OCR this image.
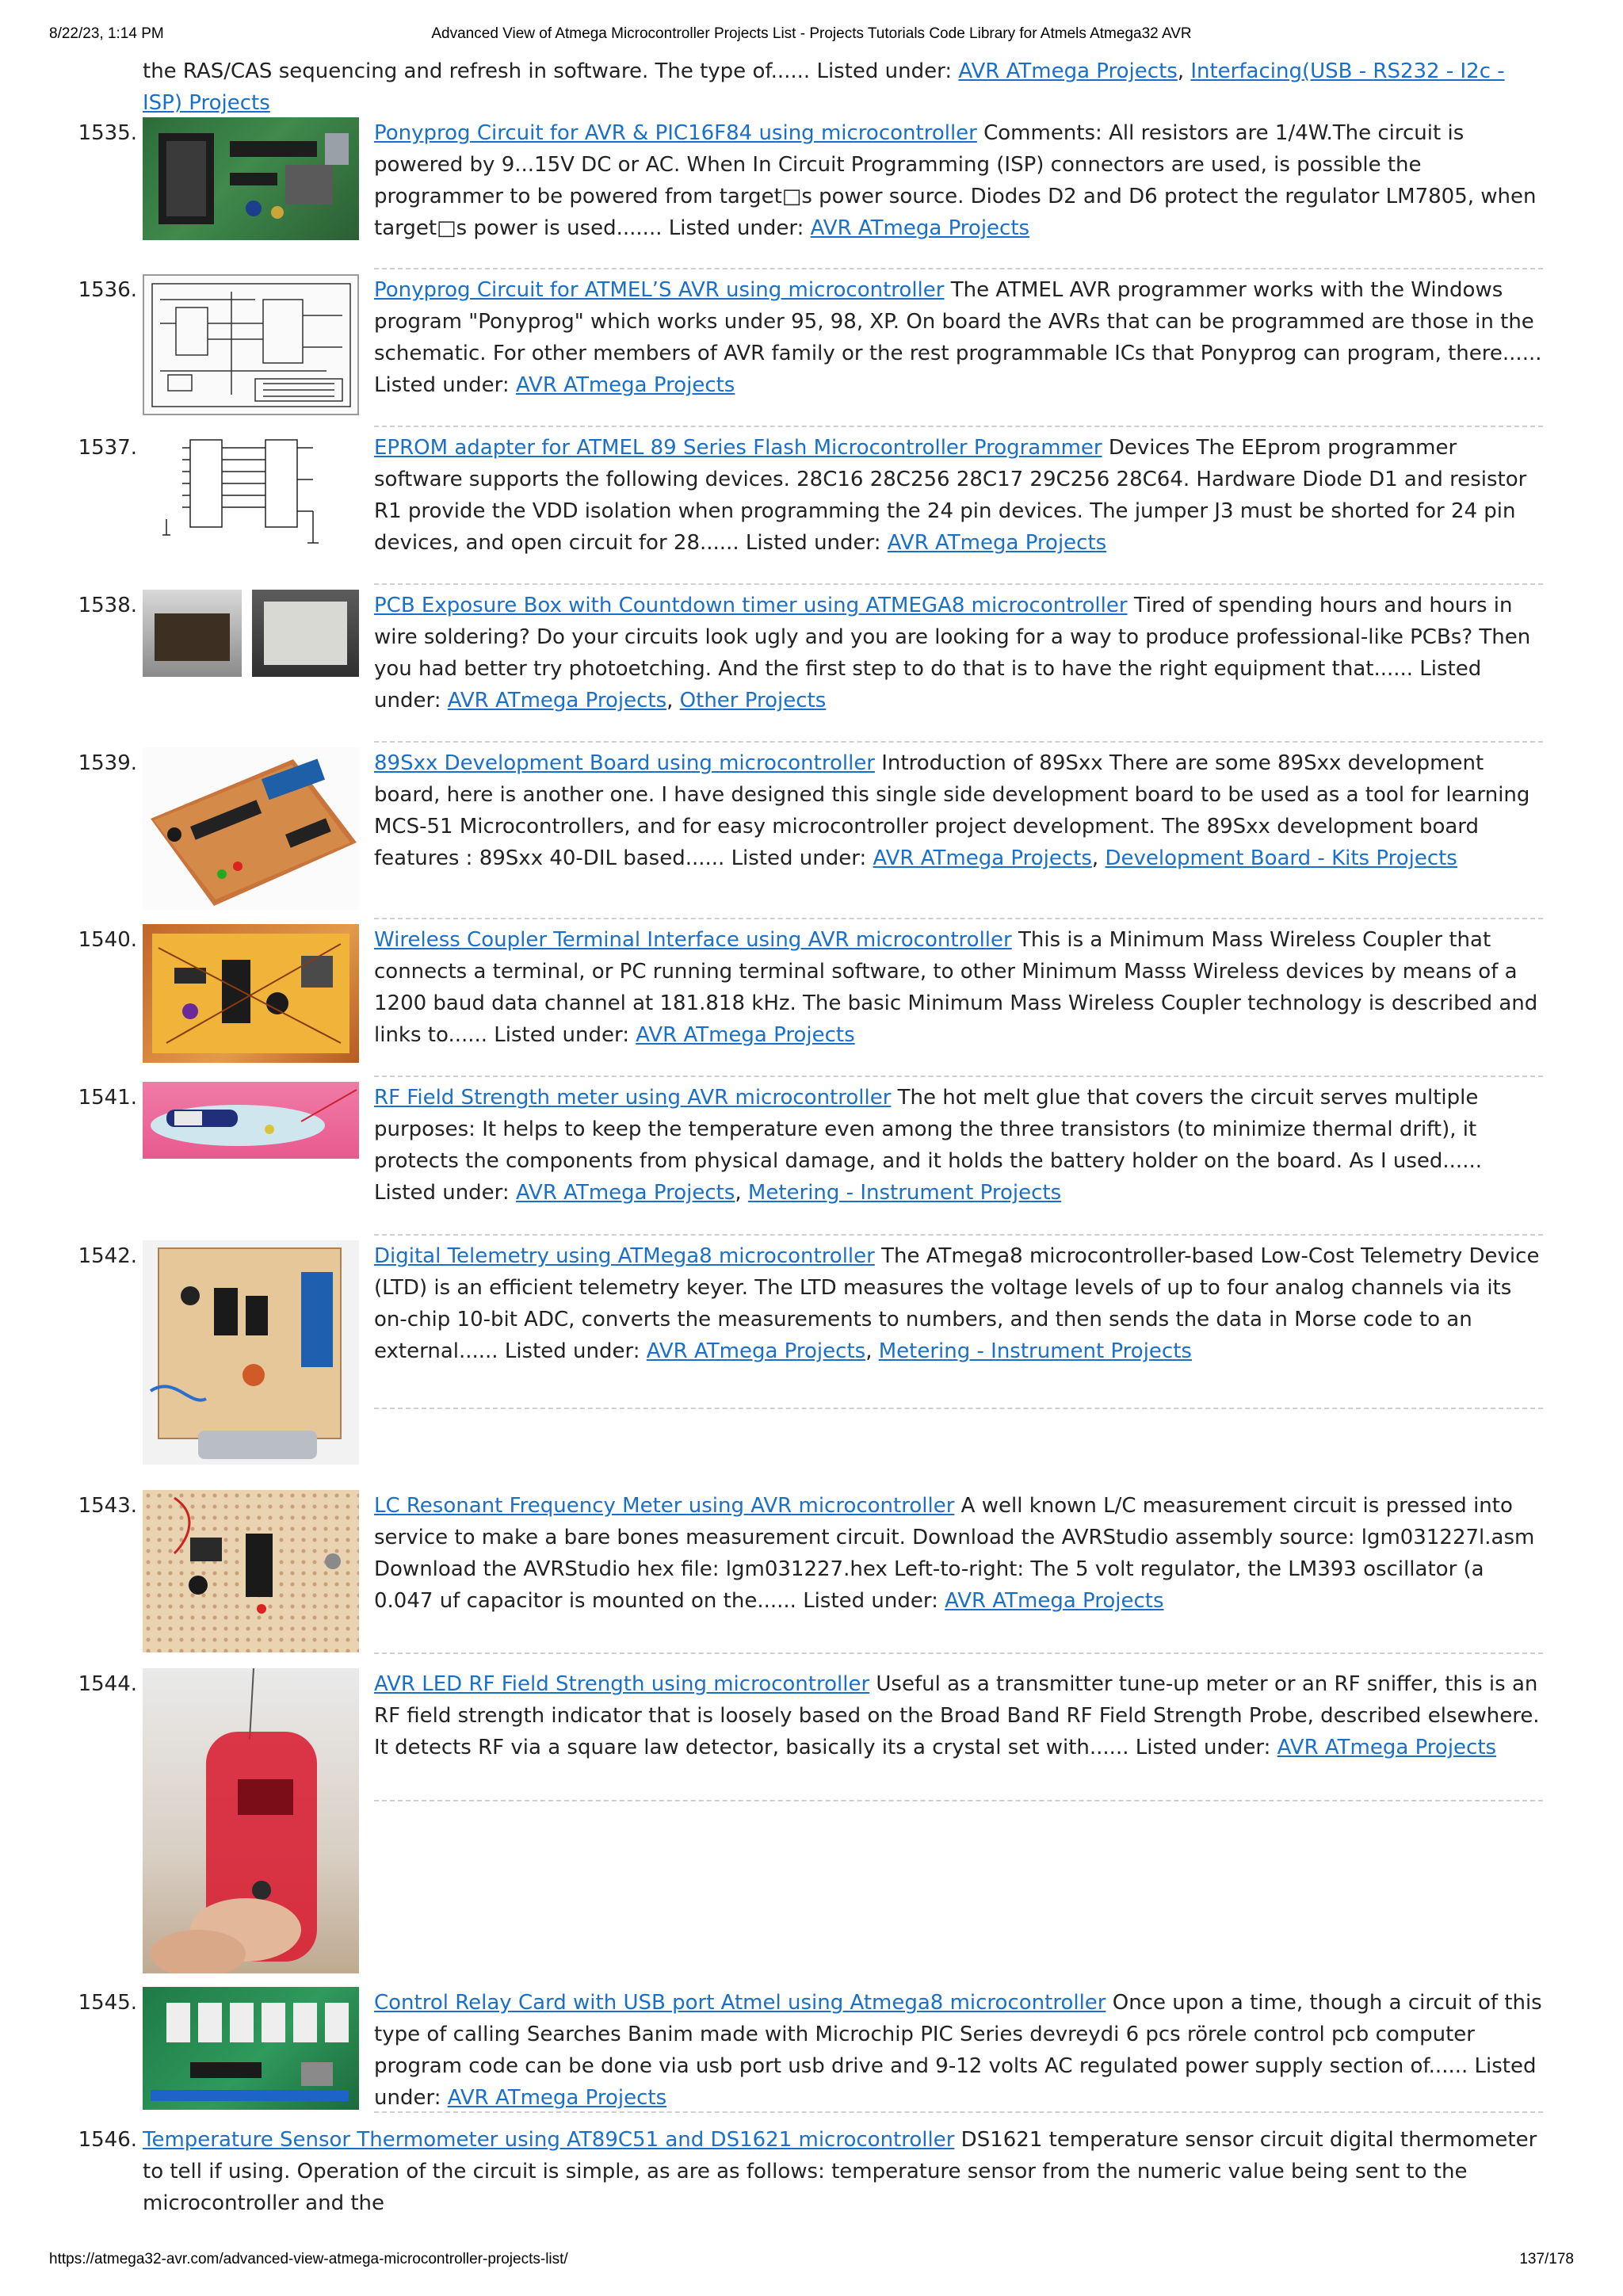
8/22/23, 1:14 PM	Advanced View of Atmega Microcontroller Projects List - Projects Tutorials Code Library for Atmels Atmega32 AVR
the RAS/CAS sequencing and refresh in software. The type of...... Listed under: AVR ATmega Projects, Interfacing(USB - RS232 - I2c -ISP) Projects
1535.	Ponyprog Circuit for AVR & PIC16F84 using microcontroller Comments: All resistors are 1/4W.The circuit is powered by 9...15V DC or AC. When In Circuit Programming (ISP) connectors are used, is possible the programmer to be powered from target□s power source. Diodes D2 and D6 protect the regulator LM7805, when target□s power is used....... Listed under: AVR ATmega Projects
1536.	Ponyprog Circuit for ATMEL’S AVR using microcontroller The ATMEL AVR programmer works with the Windows program "Ponyprog" which works under 95, 98, XP. On board the AVRs that can be programmed are those in the schematic. For other members of AVR family or the rest programmable ICs that Ponyprog can program, there...... Listed under: AVR ATmega Projects
1537.	EPROM adapter for ATMEL 89 Series Flash Microcontroller Programmer Devices The EEprom programmer software supports the following devices. 28C16 28C256 28C17 29C256 28C64. Hardware Diode D1 and resistor R1 provide the VDD isolation when programming the 24 pin devices. The jumper J3 must be shorted for 24 pin devices, and open circuit for 28...... Listed under: AVR ATmega Projects
1538.	PCB Exposure Box with Countdown timer using ATMEGA8 microcontroller Tired of spending hours and hours in wire soldering? Do your circuits look ugly and you are looking for a way to produce professional-like PCBs? Then you had better try photoetching. And the first step to do that is to have the right equipment that...... Listed under: AVR ATmega Projects, Other Projects
1539.	89Sxx Development Board using microcontroller Introduction of 89Sxx There are some 89Sxx development board, here is another one. I have designed this single side development board to be used as a tool for learning MCS-51 Microcontrollers, and for easy microcontroller project development. The 89Sxx development board features : 89Sxx 40-DIL based...... Listed under: AVR ATmega Projects, Development Board - Kits Projects
1540.	Wireless Coupler Terminal Interface using AVR microcontroller This is a Minimum Mass Wireless Coupler that connects a terminal, or PC running terminal software, to other Minimum Masss Wireless devices by means of a 1200 baud data channel at 181.818 kHz. The basic Minimum Mass Wireless Coupler technology is described and links to...... Listed under: AVR ATmega Projects
1541.	RF Field Strength meter using AVR microcontroller The hot melt glue that covers the circuit serves multiple purposes: It helps to keep the temperature even among the three transistors (to minimize thermal drift), it protects the components from physical damage, and it holds the battery holder on the board. As I used...... Listed under: AVR ATmega Projects, Metering - Instrument Projects
1542.	Digital Telemetry using ATMega8 microcontroller The ATmega8 microcontroller-based Low-Cost Telemetry Device (LTD) is an efficient telemetry keyer. The LTD measures the voltage levels of up to four analog channels via its on-chip 10-bit ADC, converts the measurements to numbers, and then sends the data in Morse code to an external...... Listed under: AVR ATmega Projects, Metering - Instrument Projects
1543.	LC Resonant Frequency Meter using AVR microcontroller A well known L/C measurement circuit is pressed into service to make a bare bones measurement circuit. Download the AVRStudio assembly source: lgm031227l.asm Download the AVRStudio hex file: lgm031227.hex Left-to-right: The 5 volt regulator, the LM393 oscillator (a 0.047 uf capacitor is mounted on the...... Listed under: AVR ATmega Projects
1544.	AVR LED RF Field Strength using microcontroller Useful as a transmitter tune-up meter or an RF sniffer, this is an RF field strength indicator that is loosely based on the Broad Band RF Field Strength Probe, described elsewhere. It detects RF via a square law detector, basically its a crystal set with...... Listed under: AVR ATmega Projects
1545.	Control Relay Card with USB port Atmel using Atmega8 microcontroller Once upon a time, though a circuit of this type of calling Searches Banim made with Microchip PIC Series devreydi 6 pcs rörele control pcb computer program code can be done via usb port usb drive and 9-12 volts AC regulated power supply section of...... Listed under: AVR ATmega Projects
1546. Temperature Sensor Thermometer using AT89C51 and DS1621 microcontroller DS1621 temperature sensor circuit digital thermometer to tell if using. Operation of the circuit is simple, as are as follows: temperature sensor from the numeric value being sent to the microcontroller and the
https://atmega32-avr.com/advanced-view-atmega-microcontroller-projects-list/	137/178
